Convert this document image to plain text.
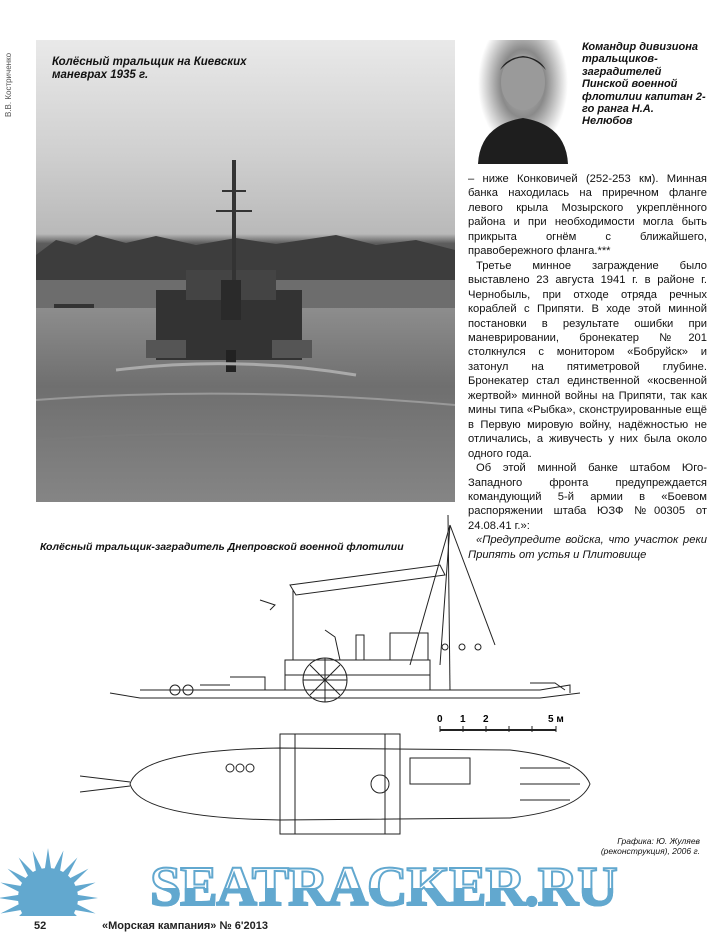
Колёсный тральщик на Киевских маневрах 1935 г.
В.В. Костриченко
Командир дивизиона тральщиков-заградителей Пинской военной флотилии капитан 2-го ранга Н.А. Нелюбов

– ниже Конковичей (252-253 км). Минная банка находилась на приречном фланге левого крыла Мозырского укреплённого района и при необходимости могла быть прикрыта огнём с ближайшего, правобережного фланга.***

Третье минное заграждение было выставлено 23 августа 1941 г. в районе г. Чернобыль, при отходе отряда речных кораблей с Припяти. В ходе этой минной постановки в результате ошибки при маневрировании, бронекатер №201 столкнулся с монитором «Бобруйск» и затонул на пятиметровой глубине. Бронекатер стал единственной «косвенной жертвой» минной войны на Припяти, так как мины типа «Рыбка», сконструированные ещё в Первую мировую войну, надёжностью не отличались, а живучесть у них была около одного года.

Об этой минной банке штабом Юго-Западного фронта предупреждается командующий 5-й армии в «Боевом распоряжении штаба ЮЗФ №00305 от 24.08.41 г.»:

«Предупредите войска, что участок реки Припять от устья и Плитовище

Колёсный тральщик-заградитель Днепровской военной флотилии
0 1 2	5 м
Графика: Ю. Жуляев
(реконструкция), 2006 г.
SEATRACKER.RU
52	«Морская кампания» № 6'2013
